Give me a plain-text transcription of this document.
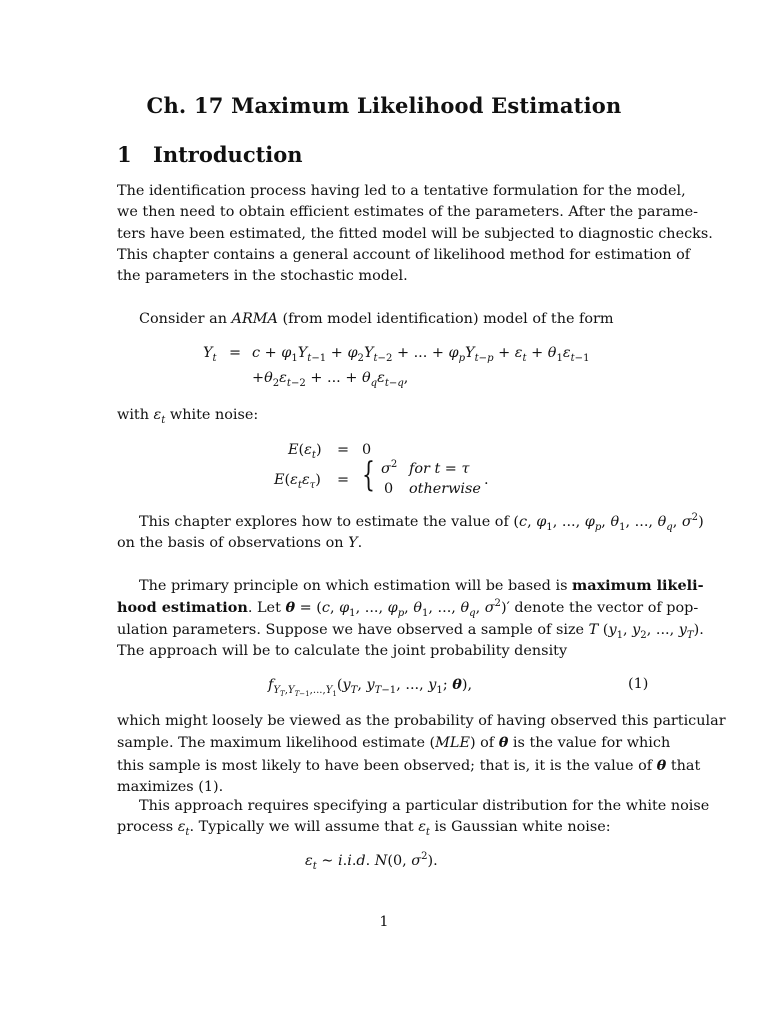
Ch. 17 Maximum Likelihood Estimation
1 Introduction
The identification process having led to a tentative formulation for the model,
we then need to obtain efficient estimates of the parameters. After the parame-
ters have been estimated, the fitted model will be subjected to diagnostic checks.
This chapter contains a general account of likelihood method for estimation of
the parameters in the stochastic model.
Consider an ARMA (from model identification) model of the form
$Y_t = c + \varphi_1Y_{t-1} + \varphi_2Y_{t-2}$ + ... + $\varphi_pY_{t-p} + \varepsilon_t + \theta_1\varepsilon_{t-1}$
$+\theta_2\varepsilon_{t-2}$ + ... + $\theta_q\varepsilon_{t-q}$,
with $\varepsilon_t$ white noise:
$E(\varepsilon_t) = 0$
$E(\varepsilon_t\varepsilon_\tau)$ = { $\sigma^2$ for t = τ
0 otherwise
.
This chapter explores how to estimate the value of (c, $\varphi_1$, ..., $\varphi_p$, $\theta_1$, ..., $\theta_q$, $\sigma^2$)
on the basis of observations on Y.
The primary principle on which estimation will be based is maximum likeli-
hood estimation. Let θ = (c, $\varphi_1$, ..., $\varphi_p$, $\theta_1$, ..., $\theta_q$, $\sigma^2)'$ denote the vector of pop-
ulation parameters. Suppose we have observed a sample of size T ($y_1$, $y_2$, ..., $y_T$).
The approach will be to calculate the joint probability density
$f_{Y_T,Y_{T-1},...,Y_1}(y_T$, $y_{T-1}$, ..., $y_1$; θ),	(1)
which might loosely be viewed as the probability of having observed this particular
sample. The maximum likelihood estimate (MLE) of θ is the value for which
this sample is most likely to have been observed; that is, it is the value of θ that
maximizes (1).
This approach requires specifying a particular distribution for the white noise
process $\varepsilon_t$. Typically we will assume that $\varepsilon_t$ is Gaussian white noise:
$\varepsilon_t$ ∼ i.i.d. N(0, $\sigma^2$).
1
